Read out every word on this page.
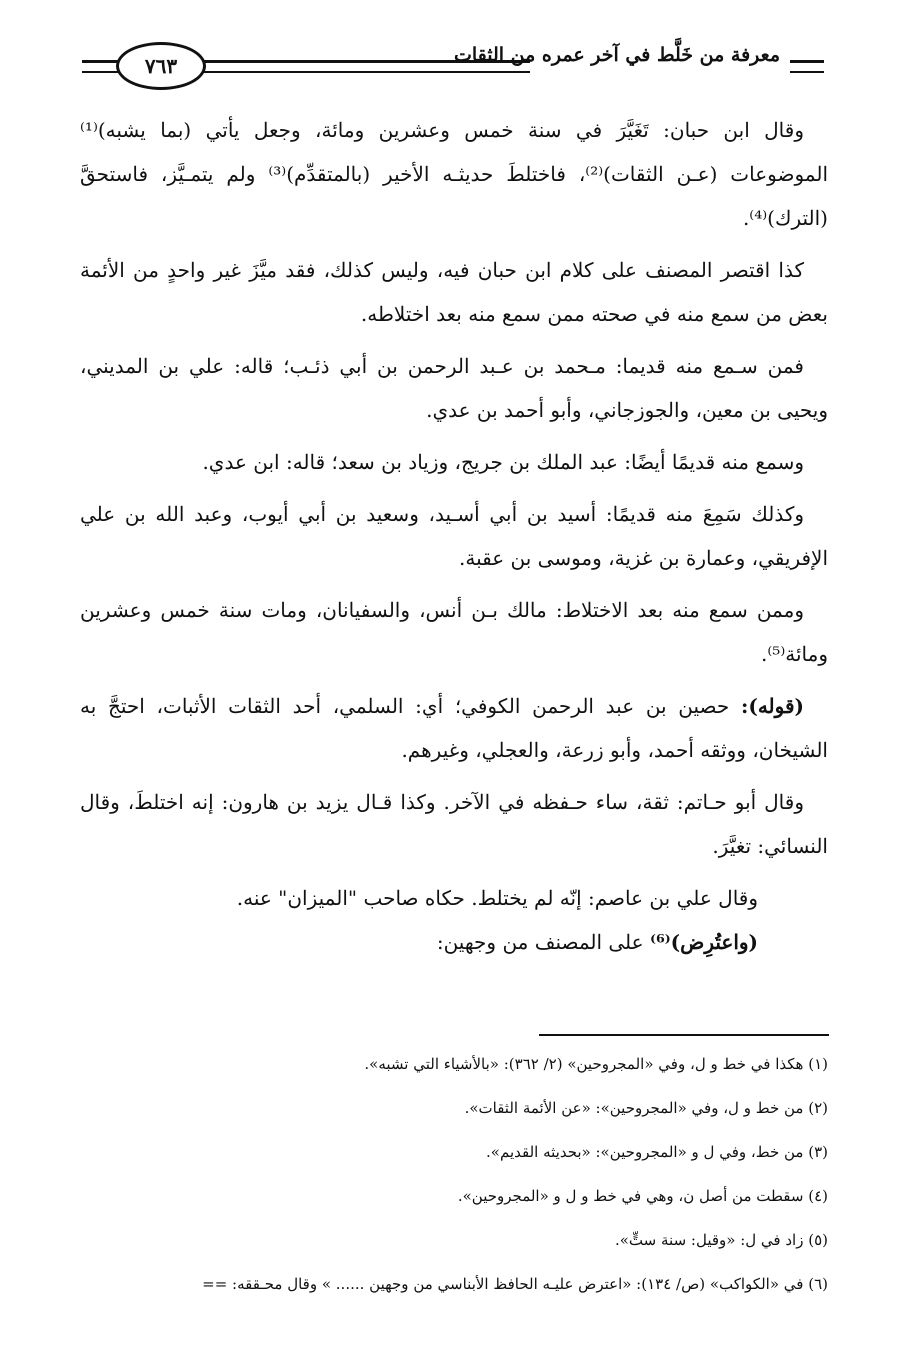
معرفة من خَلَّط في آخر عمره من الثقات
٧٦٣

وقال ابن حبان: تَغَيَّرَ في سنة خمس وعشرين ومائة، وجعل يأتي (بما يشبه)⁽¹⁾ الموضوعات (عـن الثقات)⁽²⁾، فاختلطَ حديثـه الأخير (بالمتقدِّم)⁽³⁾ ولم يتمـيَّز، فاستحقَّ (الترك)⁽⁴⁾.

كذا اقتصر المصنف على كلام ابن حبان فيه، وليس كذلك، فقد ميَّزَ غير واحدٍ من الأئمة بعض من سمع منه في صحته ممن سمع منه بعد اختلاطه.

فمن سـمع منه قديما: مـحمد بن عـبد الرحمن بن أبي ذئـب؛ قاله: علي بن المديني، ويحيى بن معين، والجوزجاني، وأبو أحمد بن عدي.

وسمع منه قديمًا أيضًا: عبد الملك بن جريج، وزياد بن سعد؛ قاله: ابن عدي.

وكذلك سَمِعَ منه قديمًا: أسيد بن أبي أسـيد، وسعيد بن أبي أيوب، وعبد الله بن علي الإفريقي، وعمارة بن غزية، وموسى بن عقبة.

وممن سمع منه بعد الاختلاط: مالك بـن أنس، والسفيانان، ومات سنة خمس وعشرين ومائة⁽⁵⁾.

(قوله): حصين بن عبد الرحمن الكوفي؛ أي: السلمي، أحد الثقات الأثبات، احتجَّ به الشيخان، ووثقه أحمد، وأبو زرعة، والعجلي، وغيرهم.

وقال أبو حـاتم: ثقة، ساء حـفظه في الآخر. وكذا قـال يزيد بن هارون: إنه اختلطَ، وقال النسائي: تغيَّرَ.

وقال علي بن عاصم: إنّه لم يختلط. حكاه صاحب "الميزان" عنه.

(واعتُرِض)⁽⁶⁾ على المصنف من وجهين:

(١) هكذا في خط و ل، وفي «المجروحين» (٢/ ٣٦٢): «بالأشياء التي تشبه».

(٢) من خط و ل، وفي «المجروحين»: «عن الأئمة الثقات».

(٣) من خط، وفي ل و «المجروحين»: «بحديثه القديم».

(٤) سقطت من أصل ن، وهي في خط و ل و «المجروحين».

(٥) زاد في ل: «وقيل: سنة ستٍّ».

(٦) في «الكواكب» (ص/ ١٣٤): «اعترض عليـه الحافظ الأبناسي من وجهين ...... » وقال محـققه: ==
